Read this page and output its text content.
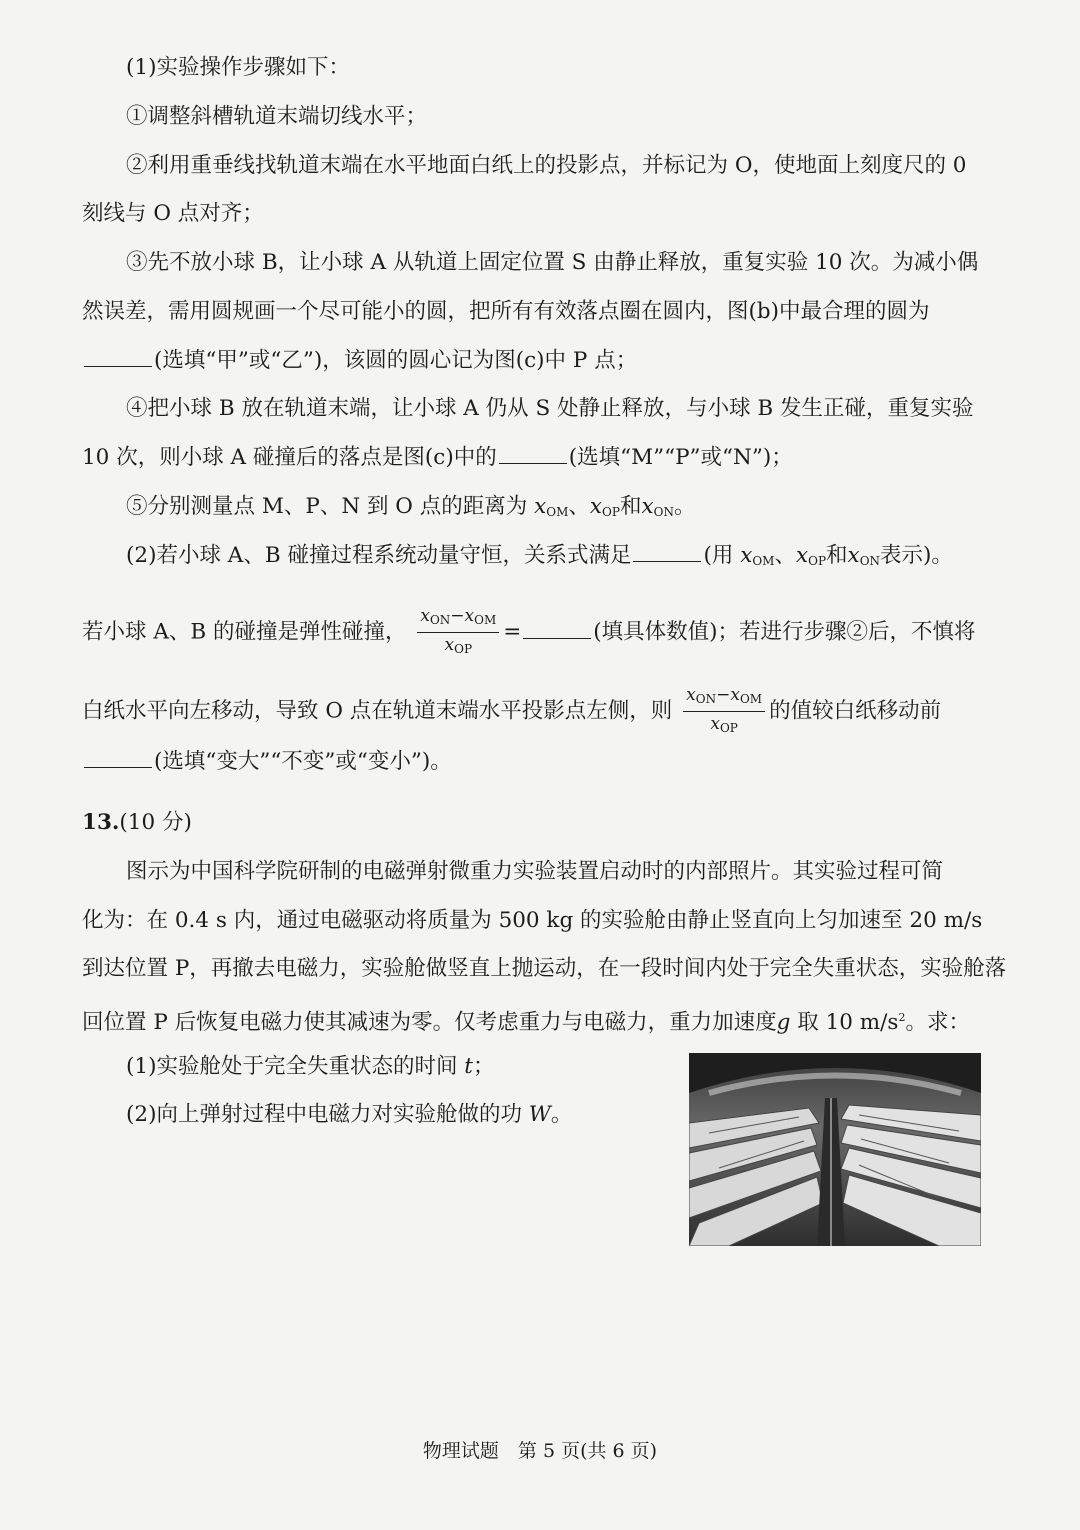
(1)实验操作步骤如下：
①调整斜槽轨道末端切线水平；
②利用重垂线找轨道末端在水平地面白纸上的投影点，并标记为 O，使地面上刻度尺的 0
刻线与 O 点对齐；
③先不放小球 B，让小球 A 从轨道上固定位置 S 由静止释放，重复实验 10 次。为减小偶
然误差，需用圆规画一个尽可能小的圆，把所有有效落点圈在圆内，图(b)中最合理的圆为
(选填“甲”或“乙”)，该圆的圆心记为图(c)中 P 点；
④把小球 B 放在轨道末端，让小球 A 仍从 S 处静止释放，与小球 B 发生正碰，重复实验
10 次，则小球 A 碰撞后的落点是图(c)中的	(选填“M”“P”或“N”)；
⑤分别测量点 M、P、N 到 O 点的距离为 $x_{OM}$、$x_{OP}$和$x_{ON}$。
(2)若小球 A、B 碰撞过程系统动量守恒，关系式满足	(用 $x_{OM}$、$x_{OP}$和$x_{ON}$表示)。
若小球 A、B 的碰撞是弹性碰撞， $\frac{x_{ON}-x_{OM}}{x_{OP}}$ =	(填具体数值)；若进行步骤②后，不慎将
白纸水平向左移动，导致 O 点在轨道末端水平投影点左侧，则 $\frac{x_{ON}-x_{OM}}{x_{OP}}$ 的值较白纸移动前
(选填“变大”“不变”或“变小”)。
13.(10 分)
图示为中国科学院研制的电磁弹射微重力实验装置启动时的内部照片。其实验过程可简
化为：在 0.4 s 内，通过电磁驱动将质量为 500 kg 的实验舱由静止竖直向上匀加速至 20 m/s
到达位置 P，再撤去电磁力，实验舱做竖直上抛运动，在一段时间内处于完全失重状态，实验舱落
回位置 P 后恢复电磁力使其减速为零。仅考虑重力与电磁力，重力加速度g 取 10 $m/s^2$。求：
(1)实验舱处于完全失重状态的时间 t；
(2)向上弹射过程中电磁力对实验舱做的功 W。
物理试题　第 5 页(共 6 页)
